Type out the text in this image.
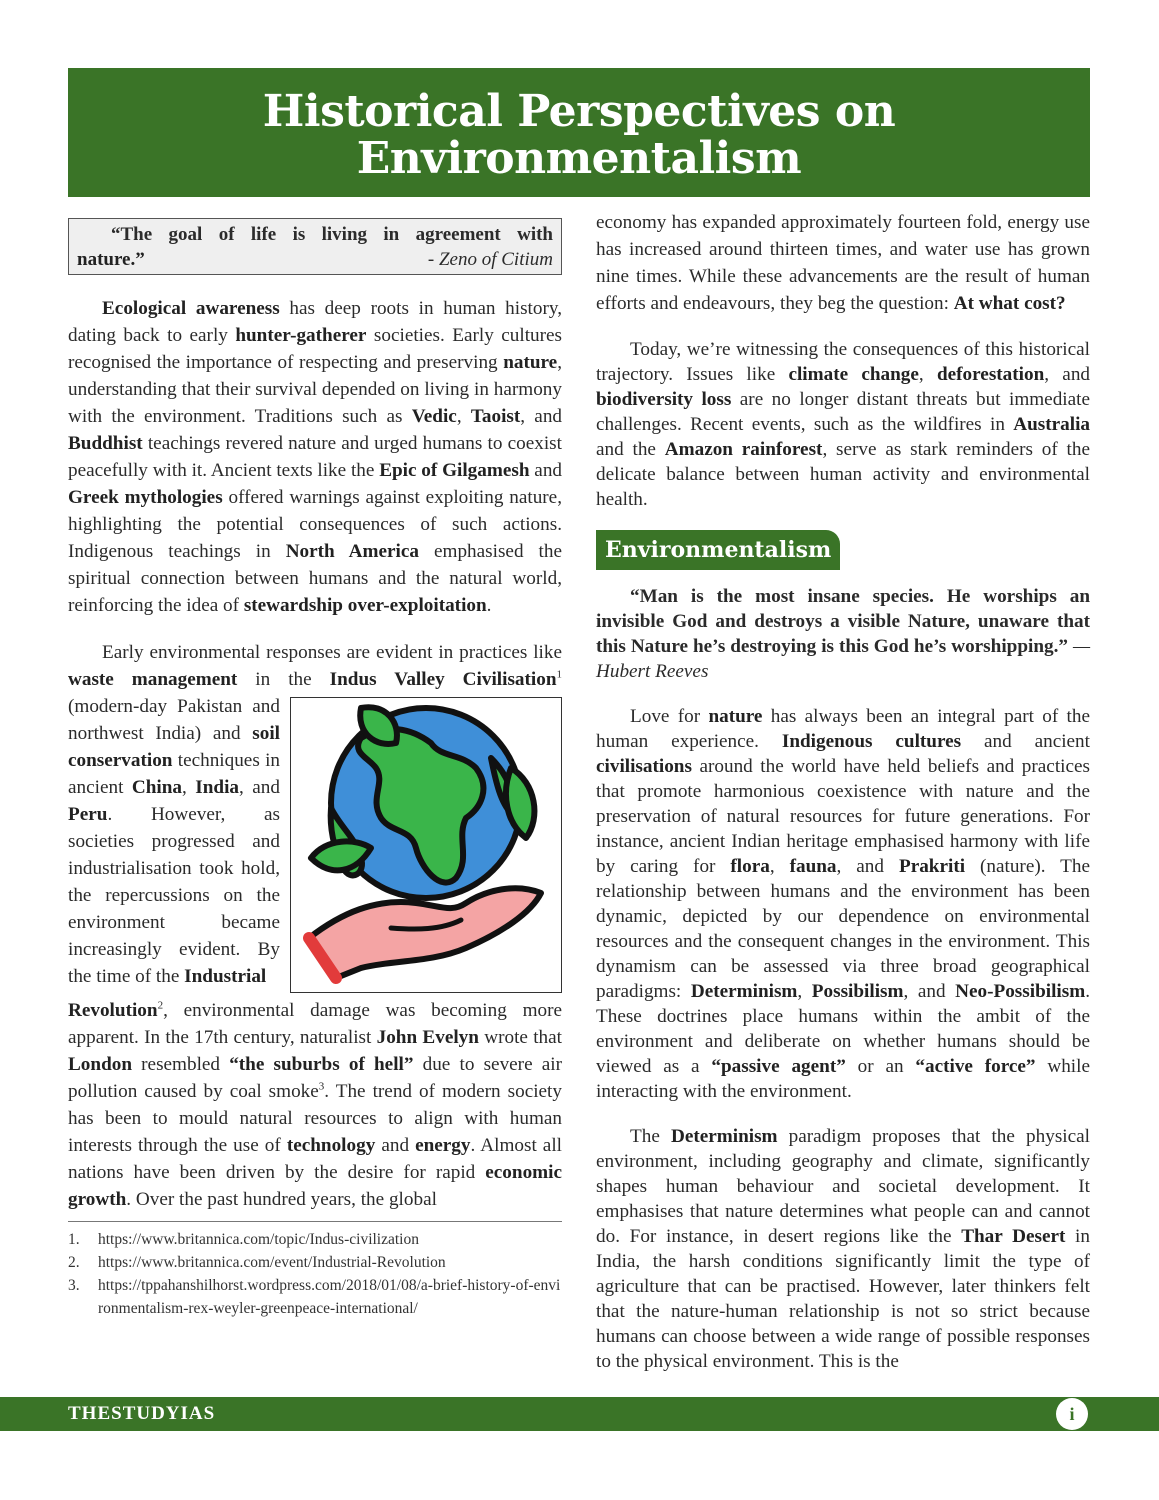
Historical Perspectives on
Environmentalism
“The goal of life is living in agreement with
nature.”	- Zeno of Citium

Ecological awareness has deep roots in human history, dating back to early hunter-gatherer societies. Early cultures recognised the importance of respecting and preserving nature, understanding that their survival depended on living in harmony with the environment. Traditions such as Vedic, Taoist, and Buddhist teachings revered nature and urged humans to coexist peacefully with it. Ancient texts like the Epic of Gilgamesh and Greek mythologies offered warnings against exploiting nature, highlighting the potential consequences of such actions. Indigenous teachings in North America emphasised the spiritual connection between humans and the natural world, reinforcing the idea of stewardship over-exploitation.

Early environmental responses are evident in practices like waste management in the Indus Valley Civilisation$^1$

(modern-day Pakistan and northwest India) and soil conservation techniques in ancient China, India, and Peru. However, as societies progressed and industrialisation took hold, the repercussions on the environment became increasingly evident. By the time of the Industrial

Revolution$^2$, environmental damage was becoming more apparent. In the 17th century, naturalist John Evelyn wrote that London resembled “the suburbs of hell” due to severe air pollution caused by coal smoke$^3$. The trend of modern society has been to mould natural resources to align with human interests through the use of technology and energy. Almost all nations have been driven by the desire for rapid economic growth. Over the past hundred years, the global

1.	https://www.britannica.com/topic/Indus-civilization
2.	https://www.britannica.com/event/Industrial-Revolution
3.	https://tppahanshilhorst.wordpress.com/2018/01/08/a-brief-history-of-environmentalism-rex-weyler-greenpeace-international/

economy has expanded approximately fourteen fold, energy use has increased around thirteen times, and water use has grown nine times. While these advancements are the result of human efforts and endeavours, they beg the question: At what cost?

Today, we’re witnessing the consequences of this historical trajectory. Issues like climate change, deforestation, and biodiversity loss are no longer distant threats but immediate challenges. Recent events, such as the wildfires in Australia and the Amazon rainforest, serve as stark reminders of the delicate balance between human activity and environmental health.

Environmentalism

“Man is the most insane species. He worships an invisible God and destroys a visible Nature, unaware that this Nature he’s destroying is this God he’s worshipping.” — Hubert Reeves

Love for nature has always been an integral part of the human experience. Indigenous cultures and ancient civilisations around the world have held beliefs and practices that promote harmonious coexistence with nature and the preservation of natural resources for future generations. For instance, ancient Indian heritage emphasised harmony with life by caring for flora, fauna, and Prakriti (nature). The relationship between humans and the environment has been dynamic, depicted by our dependence on environmental resources and the consequent changes in the environment. This dynamism can be assessed via three broad geographical paradigms: Determinism, Possibilism, and Neo-Possibilism. These doctrines place humans within the ambit of the environment and deliberate on whether humans should be viewed as a “passive agent” or an “active force” while interacting with the environment.

The Determinism paradigm proposes that the physical environment, including geography and climate, significantly shapes human behaviour and societal development. It emphasises that nature determines what people can and cannot do. For instance, in desert regions like the Thar Desert in India, the harsh conditions significantly limit the type of agriculture that can be practised. However, later thinkers felt that the nature-human relationship is not so strict because humans can choose between a wide range of possible responses to the physical environment. This is the

THESTUDYIAS	i
